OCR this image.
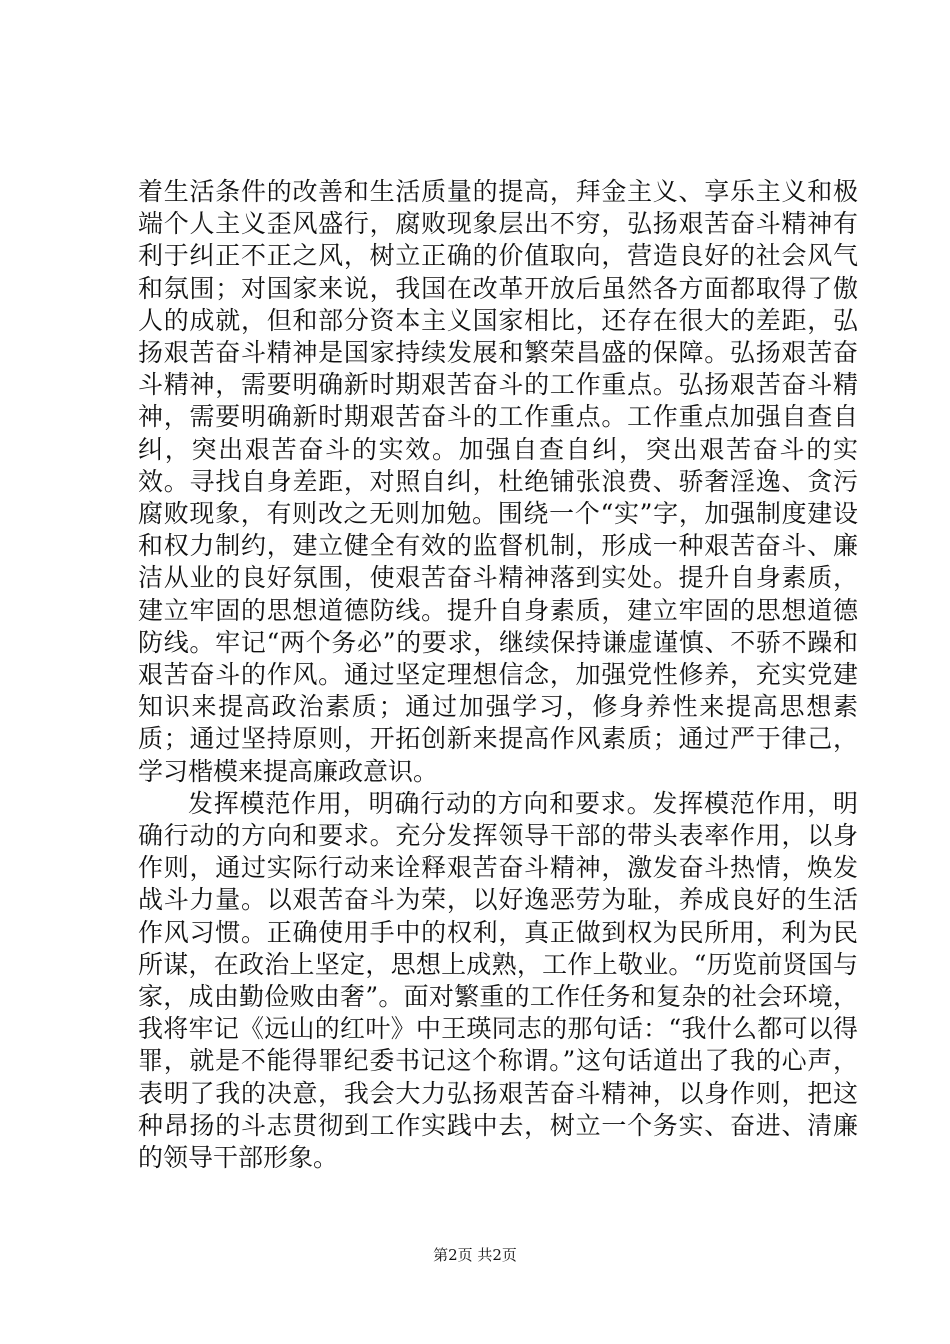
着生活条件的改善和生活质量的提高，拜金主义、享乐主义和极端个人主义歪风盛行，腐败现象层出不穷，弘扬艰苦奋斗精神有利于纠正不正之风，树立正确的价值取向，营造良好的社会风气和氛围；对国家来说，我国在改革开放后虽然各方面都取得了傲人的成就，但和部分资本主义国家相比，还存在很大的差距，弘扬艰苦奋斗精神是国家持续发展和繁荣昌盛的保障。弘扬艰苦奋斗精神，需要明确新时期艰苦奋斗的工作重点。弘扬艰苦奋斗精神，需要明确新时期艰苦奋斗的工作重点。工作重点加强自查自纠，突出艰苦奋斗的实效。加强自查自纠，突出艰苦奋斗的实效。寻找自身差距，对照自纠，杜绝铺张浪费、骄奢淫逸、贪污腐败现象，有则改之无则加勉。围绕一个“实”字，加强制度建设和权力制约，建立健全有效的监督机制，形成一种艰苦奋斗、廉洁从业的良好氛围，使艰苦奋斗精神落到实处。提升自身素质，建立牢固的思想道德防线。提升自身素质，建立牢固的思想道德防线。牢记“两个务必”的要求，继续保持谦虚谨慎、不骄不躁和艰苦奋斗的作风。通过坚定理想信念，加强党性修养，充实党建知识来提高政治素质；通过加强学习，修身养性来提高思想素质；通过坚持原则，开拓创新来提高作风素质；通过严于律己，学习楷模来提高廉政意识。

发挥模范作用，明确行动的方向和要求。发挥模范作用，明确行动的方向和要求。充分发挥领导干部的带头表率作用，以身作则，通过实际行动来诠释艰苦奋斗精神，激发奋斗热情，焕发战斗力量。以艰苦奋斗为荣，以好逸恶劳为耻，养成良好的生活作风习惯。正确使用手中的权利，真正做到权为民所用，利为民所谋，在政治上坚定，思想上成熟，工作上敬业。“历览前贤国与家，成由勤俭败由奢”。面对繁重的工作任务和复杂的社会环境，我将牢记《远山的红叶》中王瑛同志的那句话：“我什么都可以得罪，就是不能得罪纪委书记这个称谓。”这句话道出了我的心声，表明了我的决意，我会大力弘扬艰苦奋斗精神，以身作则，把这种昂扬的斗志贯彻到工作实践中去，树立一个务实、奋进、清廉的领导干部形象。

第2页 共2页
